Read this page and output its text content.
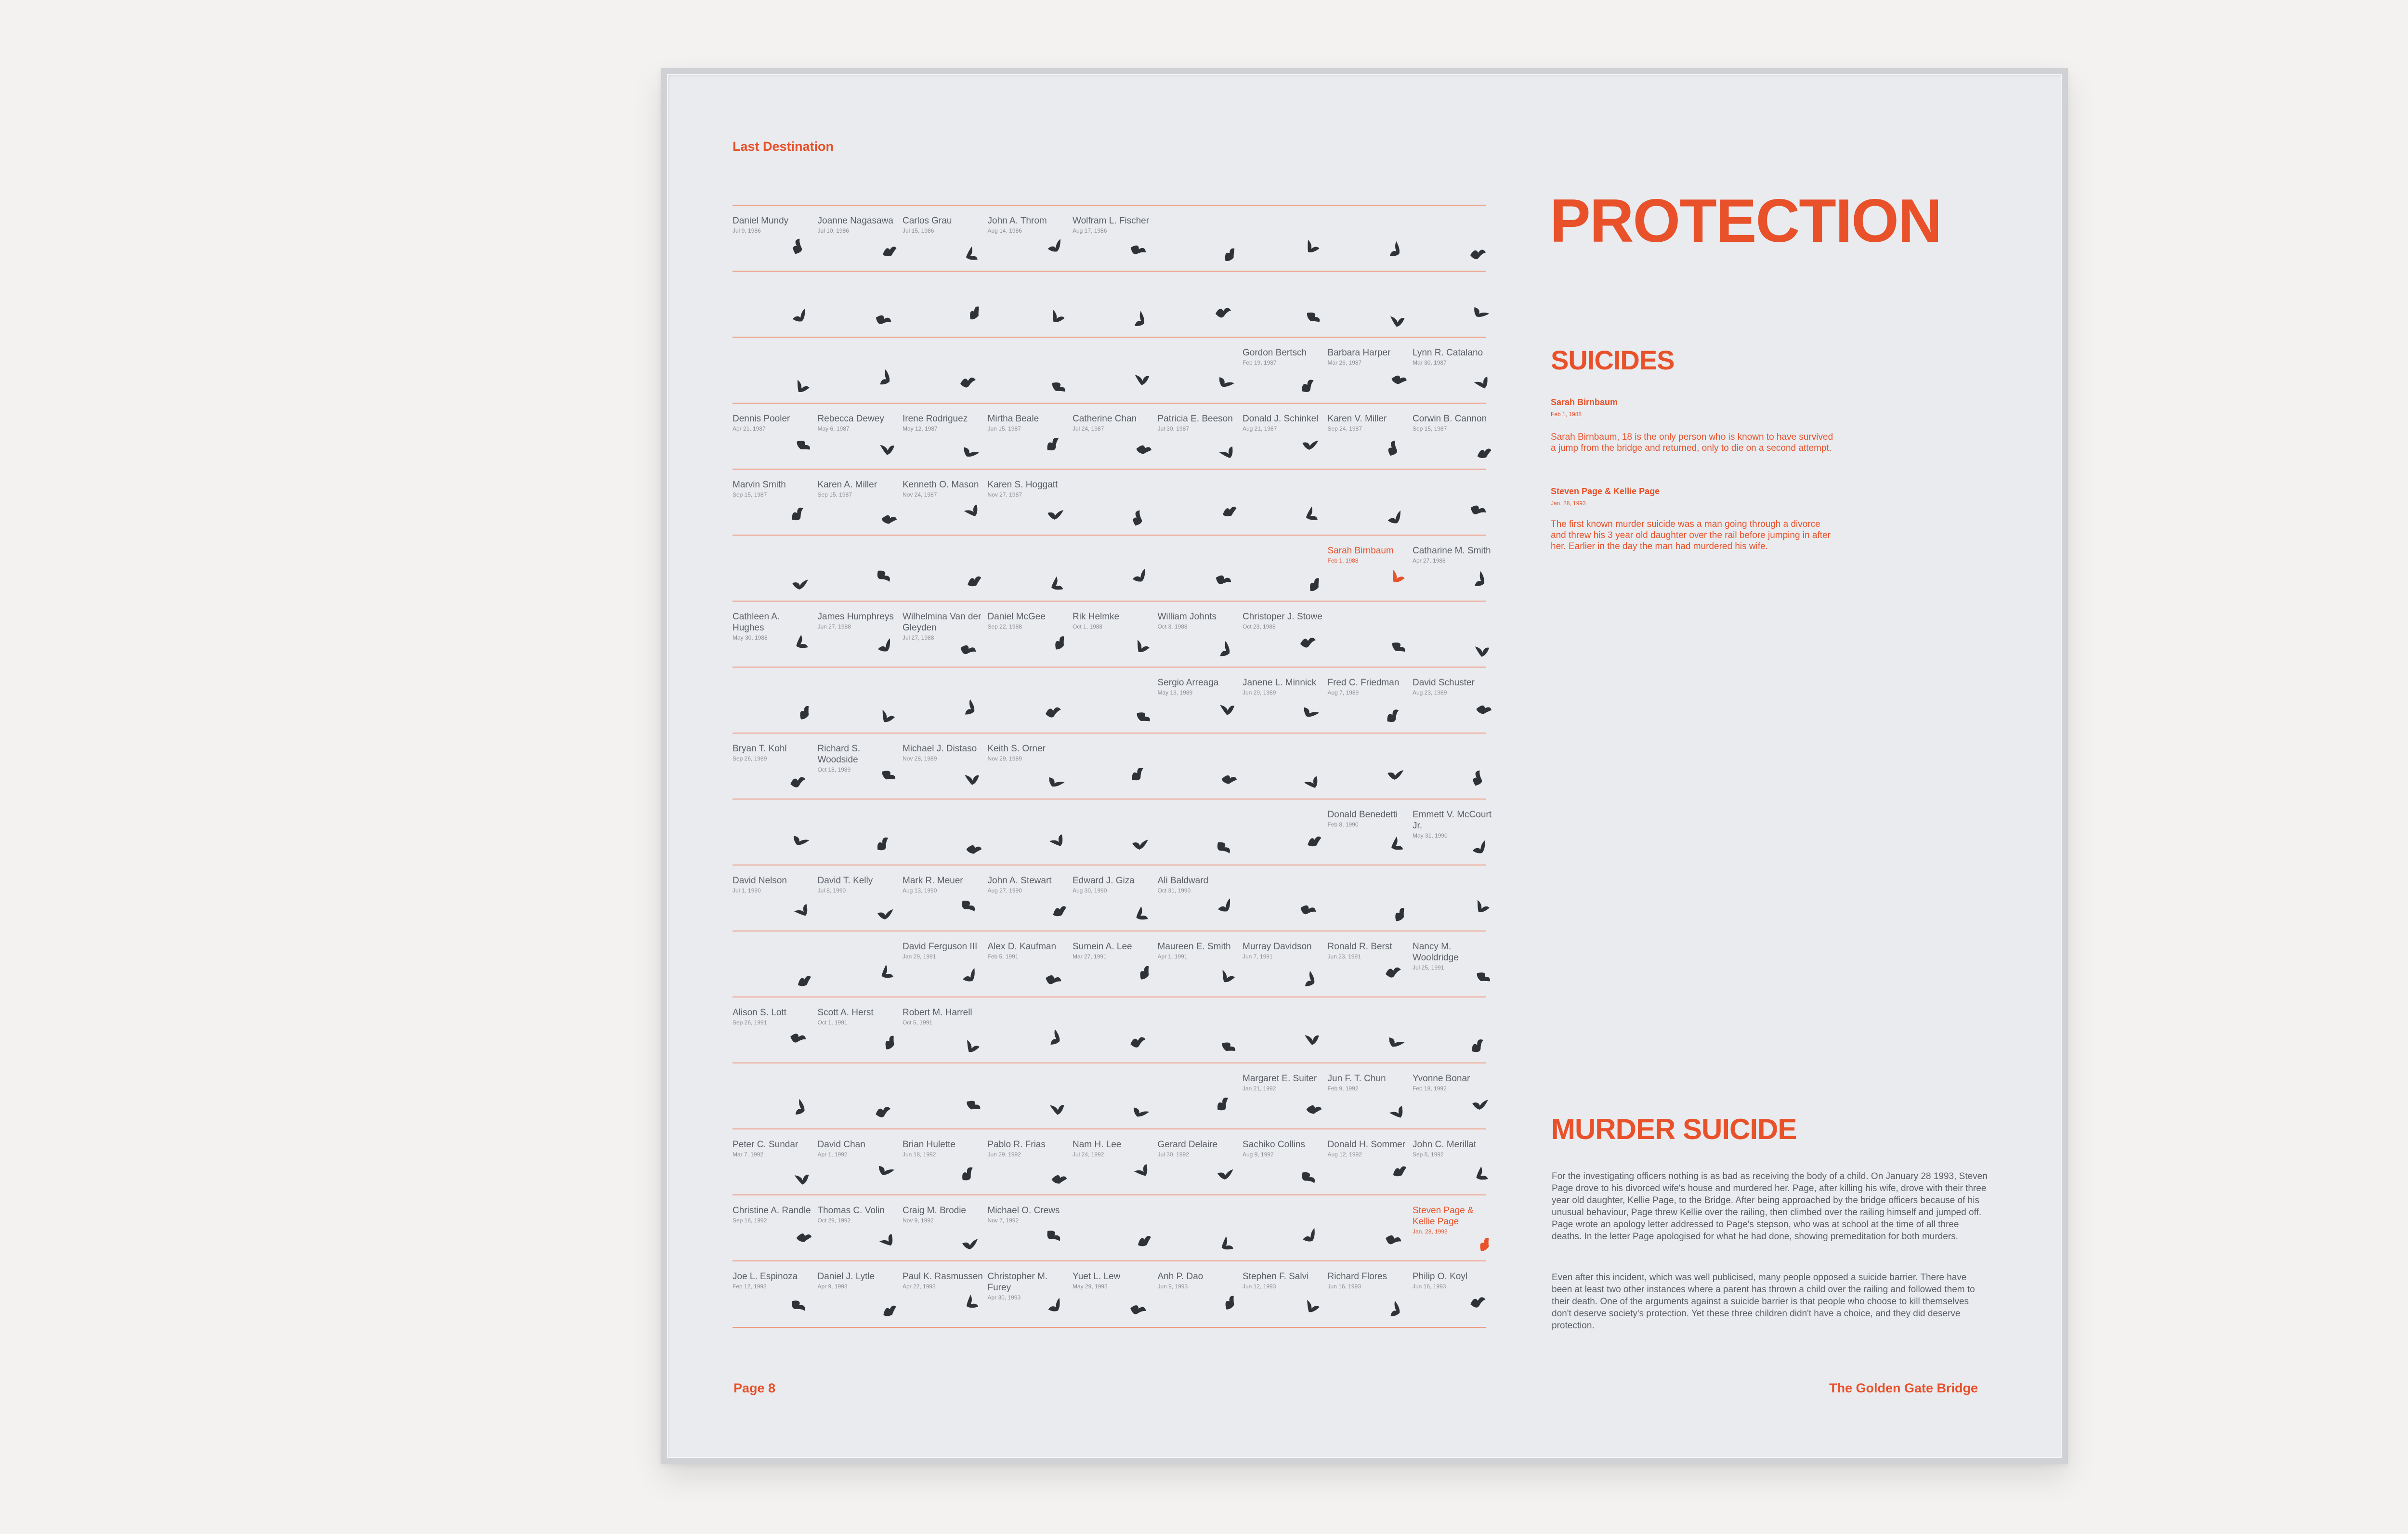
Last Destination
Page 8	The Golden Gate Bridge
Daniel Mundy
Jul 9, 1986
Joanne Nagasawa
Jul 10, 1986
Carlos Grau
Jul 15, 1986
John A. Throm
Aug 14, 1986
Wolfram L. Fischer
Aug 17, 1986
Gordon Bertsch
Feb 19, 1987
Barbara Harper
Mar 26, 1987
Lynn R. Catalano
Mar 30, 1987
Dennis Pooler
Apr 21, 1987
Rebecca Dewey
May 6, 1987
Irene Rodriguez
May 12, 1987
Mirtha Beale
Jun 15, 1987
Catherine Chan
Jul 24, 1987
Patricia E. Beeson
Jul 30, 1987
Donald J. Schinkel
Aug 21, 1987
Karen V. Miller
Sep 24, 1987
Corwin B. Cannon
Sep 15, 1987
Marvin Smith
Sep 15, 1987
Karen A. Miller
Sep 15, 1987
Kenneth O. Mason
Nov 24, 1987
Karen S. Hoggatt
Nov 27, 1987
Sarah Birnbaum
Feb 1, 1988
Catharine M. Smith
Apr 27, 1988
Cathleen A. Hughes
May 30, 1988
James Humphreys
Jun 27, 1988
Wilhelmina Van der Gleyden
Jul 27, 1988
Daniel McGee
Sep 22, 1988
Rik Helmke
Oct 1, 1988
William Johnts
Oct 3, 1988
Christoper J. Stowe
Oct 23, 1988
Sergio Arreaga
May 13, 1989
Janene L. Minnick
Jun 29, 1989
Fred C. Friedman
Aug 7, 1989
David Schuster
Aug 23, 1989
Bryan T. Kohl
Sep 26, 1989
Richard S. Woodside
Oct 18, 1989
Michael J. Distaso
Nov 28, 1989
Keith S. Orner
Nov 29, 1989
Donald Benedetti
Feb 8, 1990
Emmett V. McCourt Jr.
May 31, 1990
David Nelson
Jul 1, 1990
David T. Kelly
Jul 8, 1990
Mark R. Meuer
Aug 13, 1990
John A. Stewart
Aug 27, 1990
Edward J. Giza
Aug 30, 1990
Ali Baldward
Oct 31, 1990
David Ferguson III
Jan 29, 1991
Alex D. Kaufman
Feb 5, 1991
Sumein A. Lee
Mar 27, 1991
Maureen E. Smith
Apr 1, 1991
Murray Davidson
Jun 7, 1991
Ronald R. Berst
Jun 23, 1991
Nancy M. Wooldridge
Jul 25, 1991
Alison S. Lott
Sep 26, 1991
Scott A. Herst
Oct 1, 1991
Robert M. Harrell
Oct 5, 1991
Margaret E. Suiter
Jan 21, 1992
Jun F. T. Chun
Feb 9, 1992
Yvonne Bonar
Feb 18, 1992
Peter C. Sundar
Mar 7, 1992
David Chan
Apr 1, 1992
Brian Hulette
Jun 18, 1992
Pablo R. Frias
Jun 29, 1992
Nam H. Lee
Jul 24, 1992
Gerard Delaire
Jul 30, 1992
Sachiko Collins
Aug 9, 1992
Donald H. Sommer
Aug 12, 1992
John C. Merillat
Sep 5, 1992
Christine A. Randle
Sep 16, 1992
Thomas C. Volin
Oct 29, 1992
Craig M. Brodie
Nov 9, 1992
Michael O. Crews
Nov 7, 1992
Steven Page & Kellie Page
Jan. 28, 1993
Joe L. Espinoza
Feb 12, 1993
Daniel J. Lytle
Apr 9, 1993
Paul K. Rasmussen
Apr 22, 1993
Christopher M. Furey
Apr 30, 1993
Yuet L. Lew
May 29, 1993
Anh P. Dao
Jun 9, 1993
Stephen F. Salvi
Jun 12, 1993
Richard Flores
Jun 16, 1993
Philip O. Koyl
Jun 16, 1993
PROTECTION
SUICIDES
Sarah Birnbaum
Feb 1, 1988
Sarah Birnbaum, 18 is the only person who is known to have survived a jump from the bridge and returned, only to die on a second attempt.
Steven Page & Kellie Page
Jan. 28, 1993
The first known murder suicide was a man going through a divorce and threw his 3 year old daughter over the rail before jumping in after her. Earlier in the day the man had murdered his wife.
MURDER SUICIDE
For the investigating officers nothing is as bad as receiving the body of a child. On January 28 1993, Steven Page drove to his divorced wife's house and murdered her. Page, after killing his wife, drove with their three year old daughter, Kellie Page, to the Bridge. After being approached by the bridge officers because of his unusual behaviour, Page threw Kellie over the railing, then climbed over the railing himself and jumped off. Page wrote an apology letter addressed to Page's stepson, who was at school at the time of all three deaths. In the letter Page apologised for what he had done, showing premeditation for both murders.
Even after this incident, which was well publicised, many people opposed a suicide barrier. There have been at least two other instances where a parent has thrown a child over the railing and followed them to their death. One of the arguments against a suicide barrier is that people who choose to kill themselves don't deserve society's protection. Yet these three children didn't have a choice, and they did deserve protection.
